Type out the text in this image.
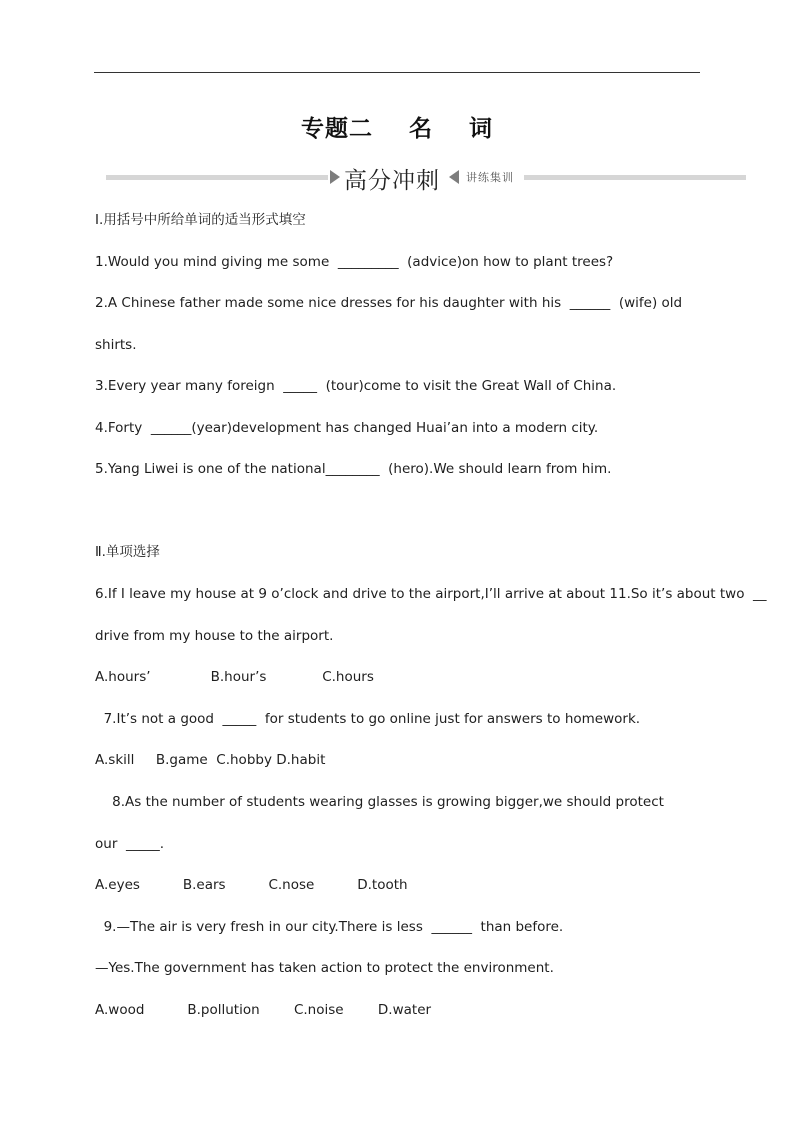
专题二    名    词
高分冲刺 讲练集训
Ⅰ.用括号中所给单词的适当形式填空
1.Would you mind giving me some  _________  (advice)on how to plant trees?
2.A Chinese father made some nice dresses for his daughter with his  ______  (wife) old
shirts.
3.Every year many foreign  _____  (tour)come to visit the Great Wall of China.
4.Forty  ______(year)development has changed Huai’an into a modern city.
5.Yang Liwei is one of the national________  (hero).We should learn from him.
Ⅱ.单项选择
6.If I leave my house at 9 o’clock and drive to the airport,I’ll arrive at about 11.So it’s about two  __
drive from my house to the airport.
A.hours’              B.hour’s             C.hours
7.It’s not a good  _____  for students to go online just for answers to homework.
A.skill     B.game  C.hobby D.habit
8.As the number of students wearing glasses is growing bigger,we should protect
our  _____.
A.eyes          B.ears          C.nose          D.tooth
9.—The air is very fresh in our city.There is less  ______  than before.
—Yes.The government has taken action to protect the environment.
A.wood          B.pollution        C.noise        D.water
